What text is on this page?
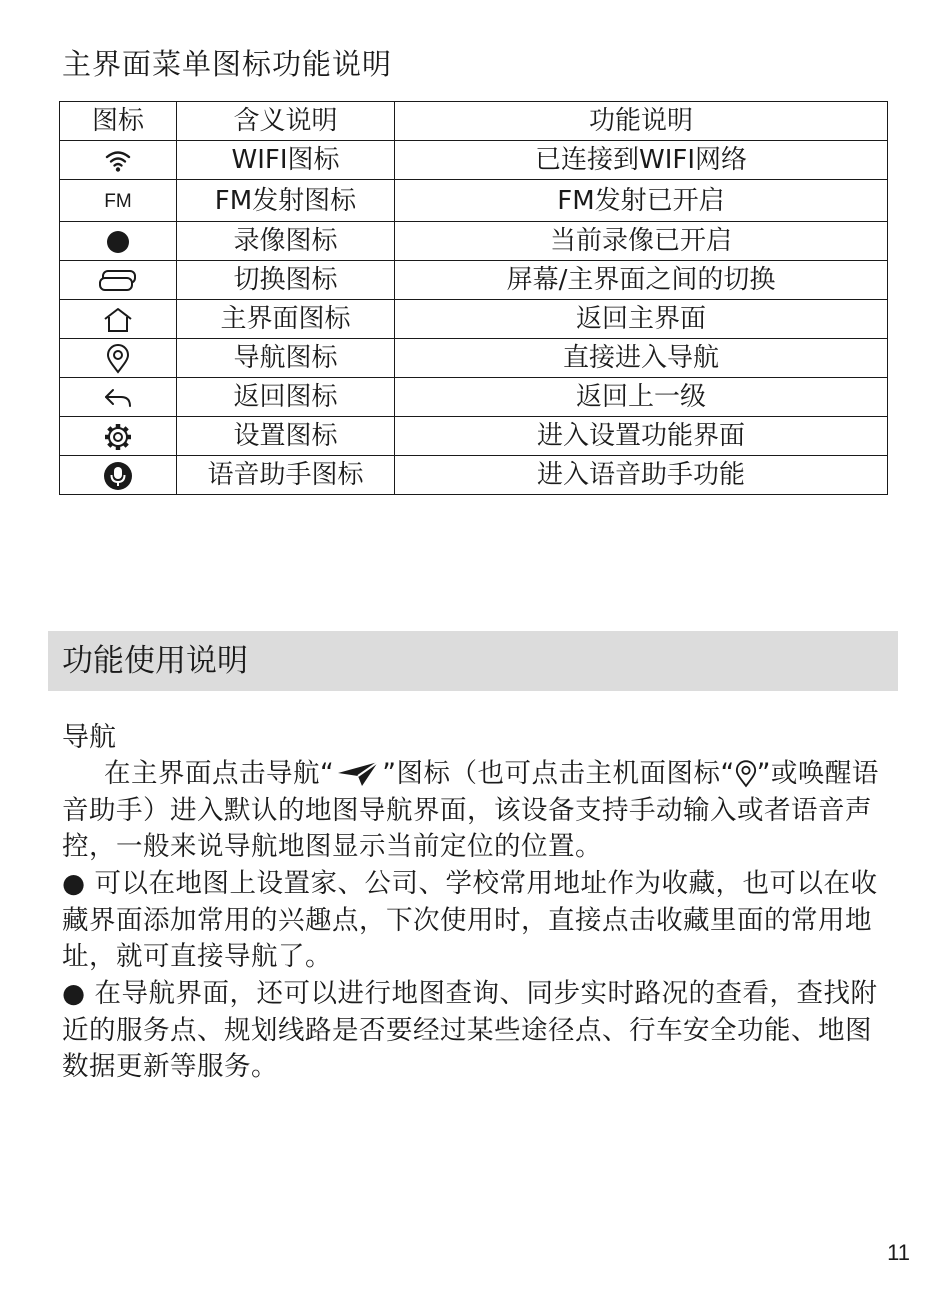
主界面菜单图标功能说明
图标	含义说明	功能说明
	WIFI图标	已连接到WIFI网络
FM	FM发射图标	FM发射已开启
	录像图标	当前录像已开启
	切换图标	屏幕/主界面之间的切换
	主界面图标	返回主界面
	导航图标	直接进入导航
	返回图标	返回上一级
	设置图标	进入设置功能界面
	语音助手图标	进入语音助手功能
功能使用说明
导航
在主界面点击导航“ ”图标（也可点击主机面图标“ ”或唤醒语音助手）进入默认的地图导航界面，该设备支持手动输入或者语音声控，一般来说导航地图显示当前定位的位置。
● 可以在地图上设置家、公司、学校常用地址作为收藏，也可以在收藏界面添加常用的兴趣点，下次使用时，直接点击收藏里面的常用地址，就可直接导航了。
● 在导航界面，还可以进行地图查询、同步实时路况的查看，查找附近的服务点、规划线路是否要经过某些途径点、行车安全功能、地图数据更新等服务。
11
